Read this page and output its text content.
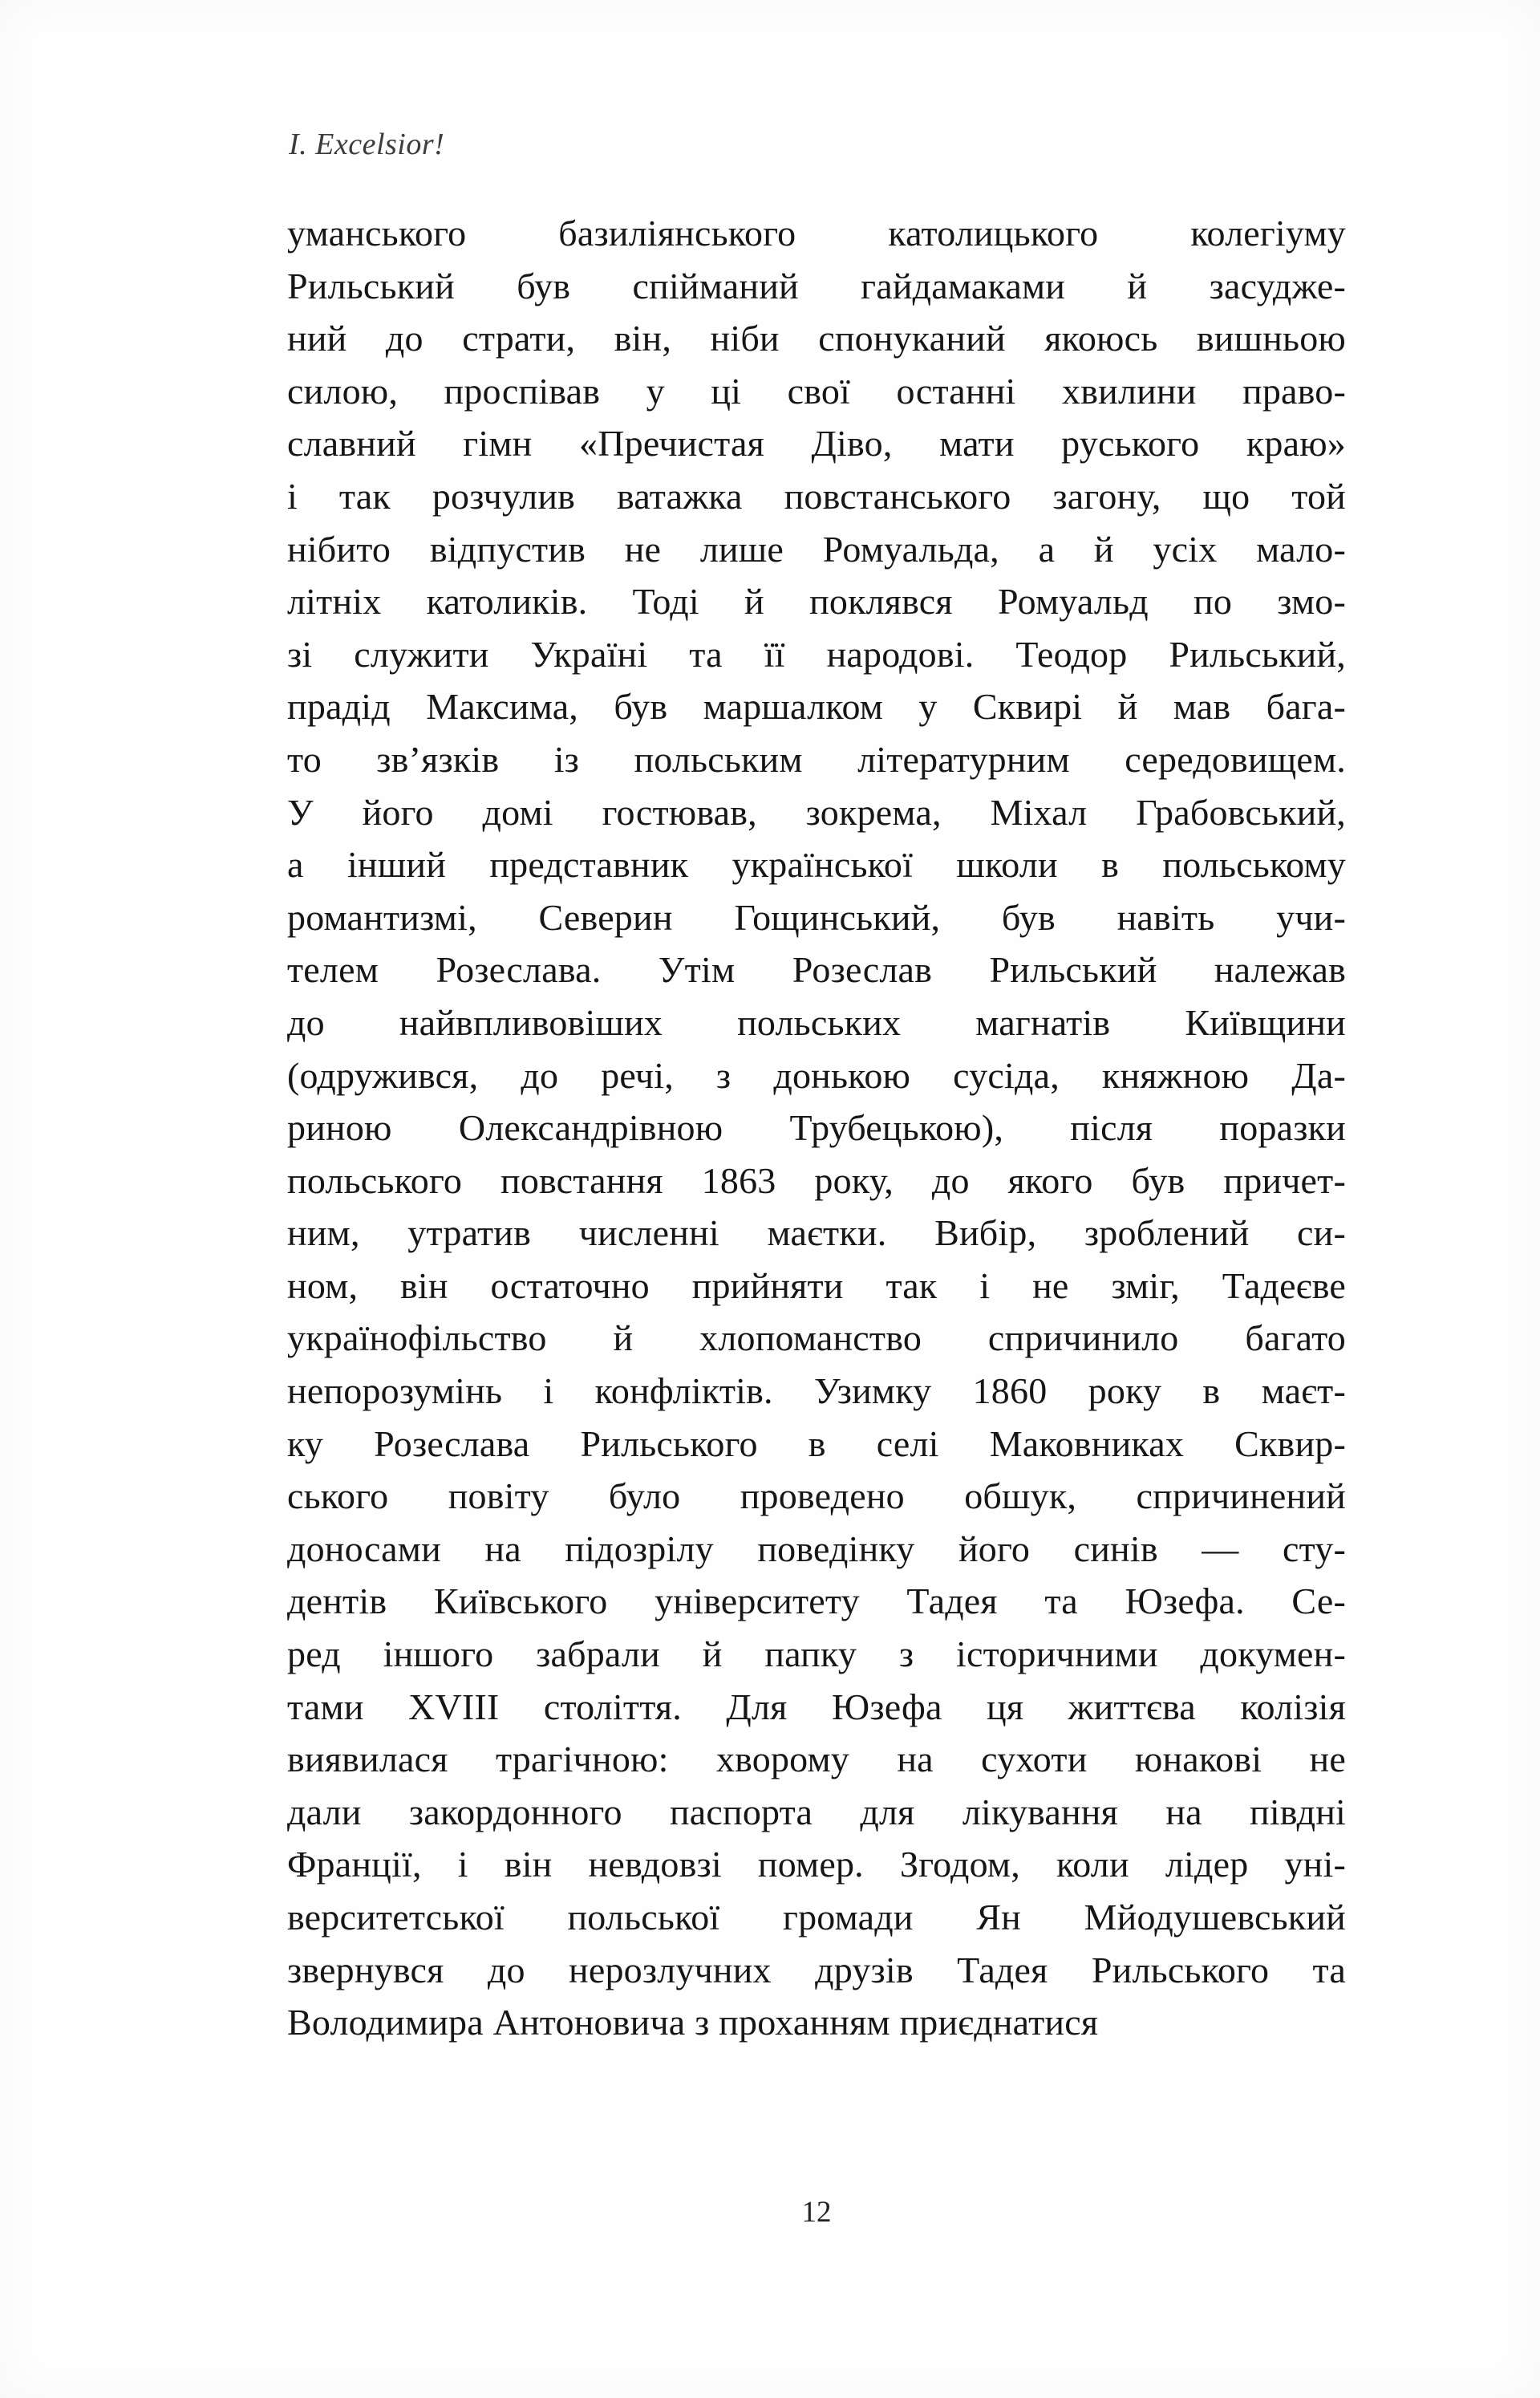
I. Excelsior!
уманського базиліянського католицького колегіуму
Рильський був спійманий гайдамаками й засудже-
ний до страти, він, ніби спонуканий якоюсь вишньою
силою, проспівав у ці свої останні хвилини право-
славний гімн «Пречистая Діво, мати руського краю»
і так розчулив ватажка повстанського загону, що той
нібито відпустив не лише Ромуальда, а й усіх мало-
літніх католиків. Тоді й поклявся Ромуальд по змо-
зі служити Україні та її народові. Теодор Рильський,
прадід Максима, був маршалком у Сквирі й мав бага-
то зв’язків із польським літературним середовищем.
У його домі гостював, зокрема, Міхал Грабовський,
а інший представник української школи в польському
романтизмі, Северин Гощинський, був навіть учи-
телем Розеслава. Утім Розеслав Рильський належав
до найвпливовіших польських магнатів Київщини
(одружився, до речі, з донькою сусіда, княжною Да-
риною Олександрівною Трубецькою), після поразки
польського повстання 1863 року, до якого був причет-
ним, утратив численні маєтки. Вибір, зроблений си-
ном, він остаточно прийняти так і не зміг, Тадеєве
українофільство й хлопоманство спричинило багато
непорозумінь і конфліктів. Узимку 1860 року в маєт-
ку Розеслава Рильського в селі Маковниках Сквир-
ського повіту було проведено обшук, спричинений
доносами на підозрілу поведінку його синів — сту-
дентів Київського університету Тадея та Юзефа. Се-
ред іншого забрали й папку з історичними докумен-
тами XVIII століття. Для Юзефа ця життєва колізія
виявилася трагічною: хворому на сухоти юнакові не
дали закордонного паспорта для лікування на півдні
Франції, і він невдовзі помер. Згодом, коли лідер уні-
верситетської польської громади Ян Мйодушевський
звернувся до нерозлучних друзів Тадея Рильського та
Володимира Антоновича з проханням приєднатися
12
